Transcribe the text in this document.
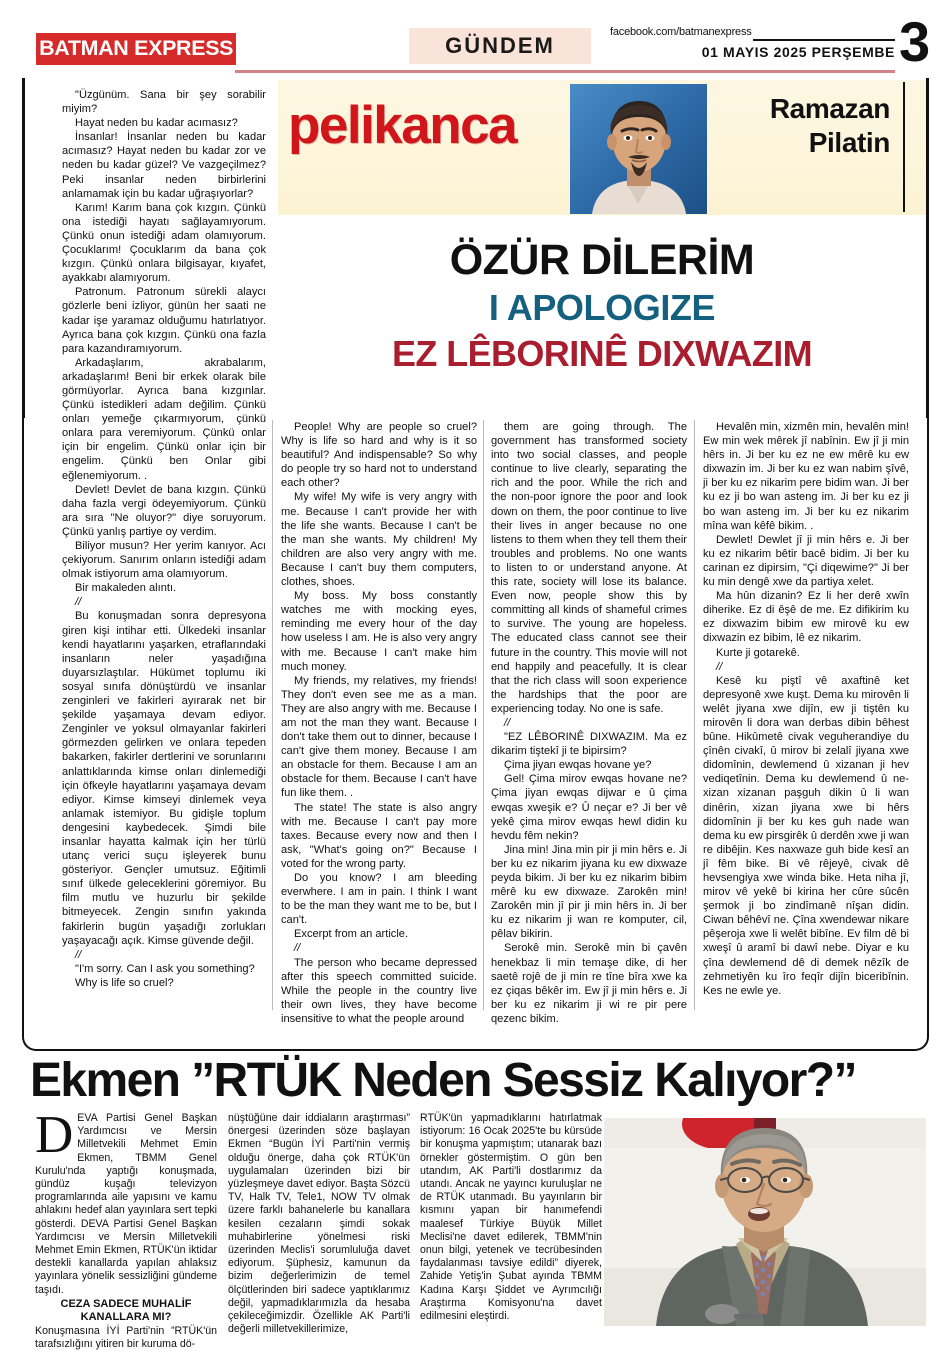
BATMAN EXPRESS	GÜNDEM
facebook.com/batmanexpress
01 MAYIS 2025 PERŞEMBE 3
pelikanca	Ramazan
Pilatin
ÖZÜR DİLERİM
I APOLOGIZE
EZ LÊBORINÊ DIXWAZIM

"Üzgünüm. Sana bir şey sorabilir miyim?

Hayat neden bu kadar acımasız?

İnsanlar! İnsanlar neden bu kadar acımasız? Hayat neden bu kadar zor ve neden bu kadar güzel? Ve vazgeçilmez? Peki insanlar neden birbirlerini anlamamak için bu kadar uğraşıyorlar?

Karım! Karım bana çok kızgın. Çünkü ona istediği hayatı sağlayamıyorum. Çünkü onun istediği adam olamıyorum. Çocuklarım! Çocuklarım da bana çok kızgın. Çünkü onlara bilgisayar, kıyafet, ayakkabı alamıyorum.

Patronum. Patronum sürekli alaycı gözlerle beni izliyor, günün her saati ne kadar işe yaramaz olduğumu hatırlatıyor. Ayrıca bana çok kızgın. Çünkü ona fazla para kazandıramıyorum.

Arkadaşlarım, akrabalarım, arkadaşlarım! Beni bir erkek olarak bile görmüyorlar. Ayrıca bana kızgınlar. Çünkü istedikleri adam değilim. Çünkü onları yemeğe çıkarmıyorum, çünkü onlara para veremiyorum. Çünkü onlar için bir engelim. Çünkü onlar için bir engelim. Çünkü ben Onlar gibi eğlenemiyorum. .

Devlet! Devlet de bana kızgın. Çünkü daha fazla vergi ödeyemiyorum. Çünkü ara sıra "Ne oluyor?" diye soruyorum. Çünkü yanlış partiye oy verdim.

Biliyor musun? Her yerim kanıyor. Acı çekiyorum. Sanırım onların istediği adam olmak istiyorum ama olamıyorum.

Bir makaleden alıntı.

//

Bu konuşmadan sonra depresyona giren kişi intihar etti. Ülkedeki insanlar kendi hayatlarını yaşarken, etraflarındaki insanların neler yaşadığına duyarsızlaştılar. Hükümet toplumu iki sosyal sınıfa dönüştürdü ve insanlar zenginleri ve fakirleri ayırarak net bir şekilde yaşamaya devam ediyor. Zenginler ve yoksul olmayanlar fakirleri görmezden gelirken ve onlara tepeden bakarken, fakirler dertlerini ve sorunlarını anlattıklarında kimse onları dinlemediği için öfkeyle hayatlarını yaşamaya devam ediyor. Kimse kimseyi dinlemek veya anlamak istemiyor. Bu gidişle toplum dengesini kaybedecek. Şimdi bile insanlar hayatta kalmak için her türlü utanç verici suçu işleyerek bunu gösteriyor. Gençler umutsuz. Eğitimli sınıf ülkede geleceklerini göremiyor. Bu film mutlu ve huzurlu bir şekilde bitmeyecek. Zengin sınıfın yakında fakirlerin bugün yaşadığı zorlukları yaşayacağı açık. Kimse güvende değil.

//

"I'm sorry. Can I ask you something?

Why is life so cruel?

People! Why are people so cruel? Why is life so hard and why is it so beautiful? And indispensable? So why do people try so hard not to understand each other?

My wife! My wife is very angry with me. Because I can't provide her with the life she wants. Because I can't be the man she wants. My children! My children are also very angry with me. Because I can't buy them computers, clothes, shoes.

My boss. My boss constantly watches me with mocking eyes, reminding me every hour of the day how useless I am. He is also very angry with me. Because I can't make him much money.

My friends, my relatives, my friends! They don't even see me as a man. They are also angry with me. Because I am not the man they want. Because I don't take them out to dinner, because I can't give them money. Because I am an obstacle for them. Because I am an obstacle for them. Because I can't have fun like them. .

The state! The state is also angry with me. Because I can't pay more taxes. Because every now and then I ask, "What's going on?" Because I voted for the wrong party.

Do you know? I am bleeding everwhere. I am in pain. I think I want to be the man they want me to be, but I can't.

Excerpt from an article.

//

The person who became depressed after this speech committed suicide. While the people in the country live their own lives, they have become insensitive to what the people around

them are going through. The government has transformed society into two social classes, and people continue to live clearly, separating the rich and the poor. While the rich and the non-poor ignore the poor and look down on them, the poor continue to live their lives in anger because no one listens to them when they tell them their troubles and problems. No one wants to listen to or understand anyone. At this rate, society will lose its balance. Even now, people show this by committing all kinds of shameful crimes to survive. The young are hopeless. The educated class cannot see their future in the country. This movie will not end happily and peacefully. It is clear that the rich class will soon experience the hardships that the poor are experiencing today. No one is safe.

//

"EZ LÊBORINÊ DIXWAZIM. Ma ez dikarim tiştekî ji te bipirsim?

Çima jiyan ewqas hovane ye?

Gel! Çima mirov ewqas hovane ne? Çima jiyan ewqas dijwar e û çima ewqas xweşik e? Û neçar e? Ji ber vê yekê çima mirov ewqas hewl didin ku hevdu fêm nekin?

Jina min! Jina min pir ji min hêrs e. Ji ber ku ez nikarim jiyana ku ew dixwaze peyda bikim. Ji ber ku ez nikarim bibim mêrê ku ew dixwaze. Zarokên min! Zarokên min jî pir ji min hêrs in. Ji ber ku ez nikarim ji wan re komputer, cil, pêlav bikirin.

Serokê min. Serokê min bi çavên henekbaz li min temaşe dike, di her saetê rojê de ji min re tîne bîra xwe ka ez çiqas bêkêr im. Ew jî ji min hêrs e. Ji ber ku ez nikarim ji wi re pir pere qezenc bikim.

Hevalên min, xizmên min, hevalên min! Ew min wek mêrek jî nabînin. Ew jî ji min hêrs in. Ji ber ku ez ne ew mêrê ku ew dixwazin im. Ji ber ku ez wan nabim şîvê, ji ber ku ez nikarim pere bidim wan. Ji ber ku ez ji bo wan asteng im. Ji ber ku ez ji bo wan asteng im. Ji ber ku ez nikarim mîna wan kêfê bikim. .

Dewlet! Dewlet jî ji min hêrs e. Ji ber ku ez nikarim bêtir bacê bidim. Ji ber ku carinan ez dipirsim, "Çi diqewime?" Ji ber ku min dengê xwe da partiya xelet.

Ma hûn dizanin? Ez li her derê xwîn diherike. Ez di êşê de me. Ez difikirim ku ez dixwazim bibim ew mirovê ku ew dixwazin ez bibim, lê ez nikarim.

Kurte ji gotarekê.

//

Kesê ku piştî vê axaftinê ket depresyonê xwe kuşt. Dema ku mirovên li welêt jiyana xwe dijîn, ew ji tiştên ku mirovên li dora wan derbas dibin bêhest bûne. Hikûmetê civak veguherandiye du çînên civakî, û mirov bi zelalî jiyana xwe didomînin, dewlemend û xizanan ji hev vediqetînin. Dema ku dewlemend û ne-xizan xizanan paşguh dikin û li wan dinêrin, xizan jiyana xwe bi hêrs didomînin ji ber ku kes guh nade wan dema ku ew pirsgirêk û derdên xwe ji wan re dibêjin. Kes naxwaze guh bide kesî an jî fêm bike. Bi vê rêjeyê, civak dê hevsengiya xwe winda bike. Heta niha jî, mirov vê yekê bi kirina her cûre sûcên şermok ji bo zindîmanê nîşan didin. Ciwan bêhêvî ne. Çîna xwendewar nikare pêşeroja xwe li welêt bibîne. Ev film dê bi xweşî û aramî bi dawî nebe. Diyar e ku çîna dewlemend dê di demek nêzîk de zehmetiyên ku îro feqîr dijîn biceribînin. Kes ne ewle ye.

Ekmen ”RTÜK Neden Sessiz Kalıyor?”

DEVA Partisi Genel Başkan Yardımcısı ve Mersin Milletvekili Mehmet Emin Ekmen, TBMM Genel Kurulu'nda yaptığı konuşmada, gündüz kuşağı televizyon programlarında aile yapısını ve kamu ahlakını hedef alan yayınlara sert tepki gösterdi. DEVA Partisi Genel Başkan Yardımcısı ve Mersin Milletvekili Mehmet Emin Ekmen, RTÜK'ün iktidar destekli kanallarda yapılan ahlaksız yayınlara yönelik sessizliğini gündeme taşıdı.

CEZA SADECE MUHALİF KANALLARA MI?

Konuşmasına İYİ Parti'nin ”RTÜK'ün tarafsızlığını yitiren bir kuruma dö-

nüştüğüne dair iddiaların araştırması” önergesi üzerinden söze başlayan Ekmen “Bugün İYİ Parti'nin vermiş olduğu önerge, daha çok RTÜK'ün uygulamaları üzerinden bizi bir yüzleşmeye davet ediyor. Başta Sözcü TV, Halk TV, Tele1, NOW TV olmak üzere farklı bahanelerle bu kanallara kesilen cezaların şimdi sokak muhabirlerine yönelmesi riski üzerinden Meclis'i sorumluluğa davet ediyorum. Şüphesiz, kamunun da bizim değerlerimizin de temel ölçütlerinden biri sadece yaptıklarımız değil, yapmadıklarımızla da hesaba çekileceğimizdir. Özellikle AK Parti'li değerli milletvekillerimize,

RTÜK'ün yapmadıklarını hatırlatmak istiyorum: 16 Ocak 2025'te bu kürsüde bir konuşma yapmıştım; utanarak bazı örnekler göstermiştim. O gün ben utandım, AK Parti'li dostlarımız da utandı. Ancak ne yayıncı kuruluşlar ne de RTÜK utanmadı. Bu yayınların bir kısmını yapan bir hanımefendi maalesef Türkiye Büyük Millet Meclisi'ne davet edilerek, TBMM'nin onun bilgi, yetenek ve tecrübesinden faydalanması tavsiye edildi” diyerek, Zahide Yetiş'in Şubat ayında TBMM Kadına Karşı Şiddet ve Ayrımcılığı Araştırma Komisyonu'na davet edilmesini eleştirdi.
